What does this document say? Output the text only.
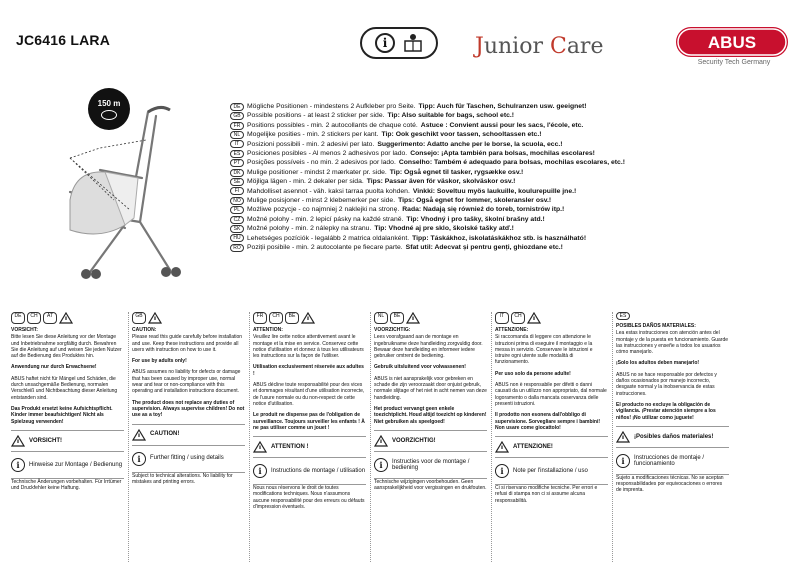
JC6416 LARA	i	Junior Care	ABUS
Security Tech Germany
150 m	DE Mögliche Positionen - mindestens 2 Aufkleber pro Seite. Tipp: Auch für Taschen, Schulranzen usw. geeignet!
GB Possible positions - at least 2 sticker per side. Tip: Also suitable for bags, school etc.!
FR Positions possibles - min. 2 autocollants de chaque coté. Astuce : Convient aussi pour les sacs, l'école, etc.
NL Mogelijke posities - min. 2 stickers per kant. Tip: Ook geschikt voor tassen, schooltassen etc.!
IT	Posizioni possibili - min. 2 adesivi per lato. Suggerimento: Adatto anche per le borse, la scuola, ecc.!
ES Posiciones posibles - Al menos 2 adhesivos por lado. Consejo: ¡Apta también para bolsas, mochilas escolares!
PT	Posições possíveis - no min. 2 adesivos por lado. Conselho: Também é adequado para bolsas, mochilas escolares, etc.!
DK Mulige positioner - mindst 2 mærkater pr. side. Tip: Også egnet til tasker, rygsække osv.!
SE Möjliga lägen - min. 2 dekaler per sida. Tips: Passar även för väskor, skolväskor osv.!
FI	Mahdolliset asennot - väh. kaksi tarraa puolta kohden. Vinkki: Soveltuu myös laukuille, koulurepuille jne.!
NO Mulige posisjoner - minst 2 klebemerker per side. Tips: Også egnet for lommer, skoleransler osv.!
PL	Możliwe pozycje - co najmniej 2 naklejki na stronę. Rada: Nadają się również do toreb, tornistrów itp.!
CZ Možné polohy - min. 2 lepicí pásky na každé straně. Tip: Vhodný i pro tašky, školní brašny atd.!
SK Možné polohy - min. 2 nálepky na stranu. Tip: Vhodné aj pre sklo, školské tašky atď.!
HU Lehetséges pozíciók - legalább 2 matrica oldalanként. Tipp: Táskákhoz, iskolatáskákhoz stb. is használható!
RO Poziții posibile - min. 2 autocolante pe fiecare parte. Sfat util: Adecvat și pentru genți, ghiozdane etc.!
DE	CH	AT
VORSICHT:

Bitte lesen Sie diese Anleitung vor der Montage und Inbetriebnahme sorgfältig durch. Bewahren Sie die Anleitung auf und weisen Sie jeden Nutzer auf die Bedienung des Produktes hin.

Anwendung nur durch Erwachsene!

ABUS haftet nicht für Mängel und Schäden, die durch unsachgemäße Bedienung, normalen Verschleiß und Nichtbeachtung dieser Anleitung entstanden sind.

Das Produkt ersetzt keine Aufsichtspflicht. Kinder immer beaufsichtigen! Nicht als Spielzeug verwenden!

VORSICHT!
i	Hinweise zur Montage / Bedienung

Technische Änderungen vorbehalten. Für Irrtümer und Druckfehler keine Haftung.

GB
CAUTION:

Please read this guide carefully before installation and use. Keep these instructions and provide all users with instruction on how to use it.

For use by adults only!

ABUS assumes no liability for defects or damage that has been caused by improper use, normal wear and tear or non-compliance with this operating and installation instructions document.

The product does not replace any duties of supervision. Always supervise children! Do not use as a toy!

CAUTION!
i	Further fitting / using details

Subject to technical alterations. No liability for mistakes and printing errors.

FR	CH	BE
ATTENTION:

Veuillez lire cette notice attentivement avant le montage et la mise en service. Conservez cette notice d'utilisation et donnez à tous les utilisateurs les instructions sur la façon de l'utiliser.

Utilisation exclusivement réservée aux adultes !

ABUS décline toute responsabilité pour des vices et dommages résultant d'une utilisation incorrecte, de l'usure normale ou du non-respect de cette notice d'utilisation.

Le produit ne dispense pas de l'obligation de surveillance. Toujours surveiller les enfants ! À ne pas utiliser comme un jouet !

ATTENTION !
i	Instructions de montage / utilisation

Nous nous réservons le droit de toutes modifications techniques. Nous n'assumons aucune responsabilité pour des erreurs ou défauts d'impression éventuels.

NL	BE
VOORZICHTIG:

Lees voorafgaand aan de montage en ingebruikname deze handleiding zorgvuldig door. Bewaar deze handleiding en informeer iedere gebruiker omtrent de bediening.

Gebruik uitsluitend voor volwassenen!

ABUS is niet aansprakelijk voor gebreken en schade die zijn veroorzaakt door onjuist gebruik, normale slijtage of het niet in acht nemen van deze handleiding.

Het product vervangt geen enkele toezichtplicht. Houd altijd toezicht op kinderen! Niet gebruiken als speelgoed!

VOORZICHTIG!
i	Instructies voor de montage / bediening

Technische wijzigingen voorbehouden. Geen aansprakelijkheid voor vergissingen en drukfouten.

IT	CH
ATTENZIONE:

Si raccomanda di leggere con attenzione le istruzioni prima di eseguire il montaggio e la messa in servizio. Conservare le istruzioni e istruire ogni utente sulle modalità di funzionamento.

Per uso solo da persone adulte!

ABUS non è responsabile per difetti o danni causati da un utilizzo non appropriato, dal normale logoramento o dalla mancata osservanza delle presenti istruzioni.

Il prodotto non esonera dall'obbligo di supervisione. Sorvegliare sempre i bambini! Non usare come giocattolo!

ATTENZIONE!
i	Note per l'installazione / uso

Ci si riservano modifiche tecniche. Per errori e refusi di stampa non ci si assume alcuna responsabilità.

ES
POSIBLES DAÑOS MATERIALES:

Lea estas instrucciones con atención antes del montaje y de la puesta en funcionamiento. Guarde las instrucciones y enseñe a todos los usuarios cómo manejarlo.

¡Solo los adultos deben manejarlo!

ABUS no se hace responsable por defectos y daños ocasionados por manejo incorrecto, desgaste normal y la inobservancia de estas instrucciones.

El producto no excluye la obligación de vigilancia. ¡Prestar atención siempre a los niños! ¡No utilizar como juguete!

¡Posibles daños materiales!
i	Instrucciones de montaje / funcionamiento

Sujeto a modificaciones técnicas. No se aceptan responsabilidades por equivocaciones o errores de imprenta.
